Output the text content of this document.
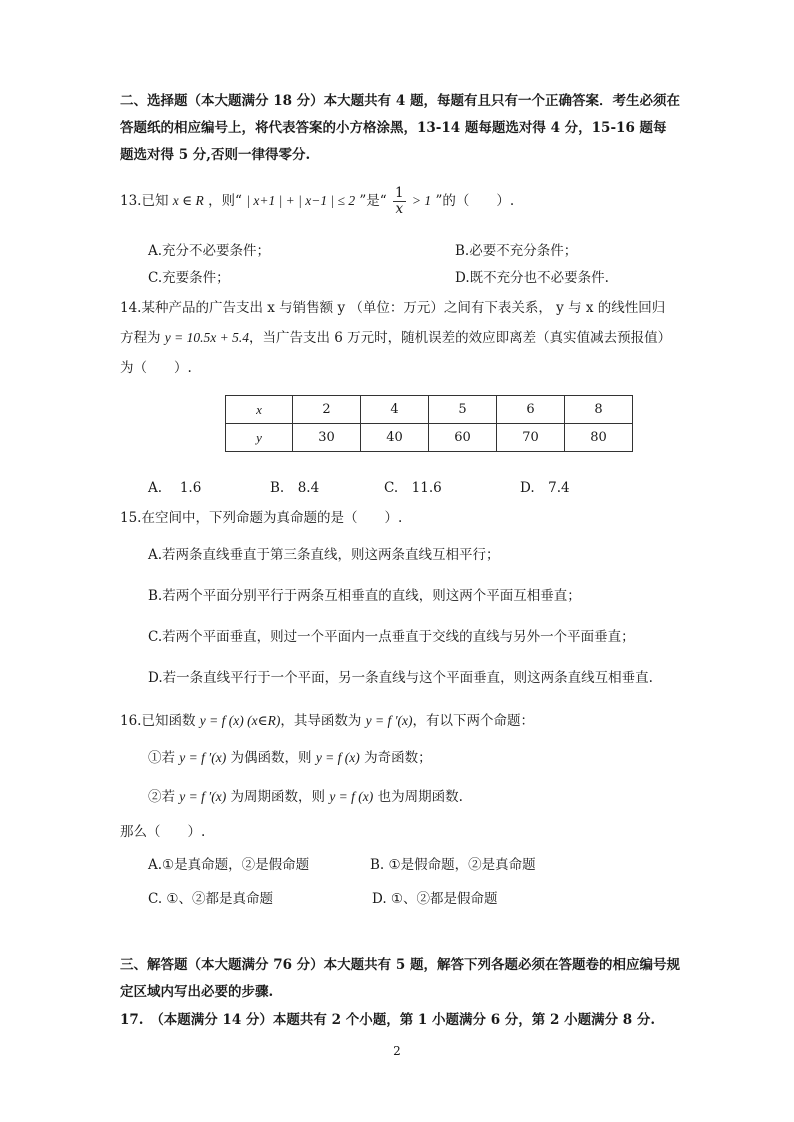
二、选择题（本大题满分 18 分）本大题共有 4 题，每题有且只有一个正确答案．考生必须在答题纸的相应编号上，将代表答案的小方格涂黑，13-14 题每题选对得 4 分，15-16 题每题选对得 5 分,否则一律得零分.
13.已知 x ∈ R ，则“ | x+1 | + | x−1 | ≤ 2 ”是“ $\frac{1}{x} > 1$ ”的（　　）.
A.充分不必要条件；	B.必要不充分条件；
C.充要条件；	D.既不充分也不必要条件.
14.某种产品的广告支出 x 与销售额 y （单位：万元）之间有下表关系， y 与 x 的线性回归
方程为 y = 10.5x + 5.4，当广告支出 6 万元时，随机误差的效应即离差（真实值减去预报值）
为（　　）.
x	2	4	5	6	8
y	30	40	60	70	80
A.　 1.6	B.　8.4	C.　11.6	D.　7.4
15.在空间中，下列命题为真命题的是（　　）.
A.若两条直线垂直于第三条直线，则这两条直线互相平行；
B.若两个平面分别平行于两条互相垂直的直线，则这两个平面互相垂直；
C.若两个平面垂直，则过一个平面内一点垂直于交线的直线与另外一个平面垂直；
D.若一条直线平行于一个平面，另一条直线与这个平面垂直，则这两条直线互相垂直.
16.已知函数 y = f (x) (x∈R)，其导函数为 y = f ′(x)，有以下两个命题：
①若 y = f ′(x) 为偶函数，则 y = f (x) 为奇函数；
②若 y = f ′(x) 为周期函数，则 y = f (x) 也为周期函数.
那么（　　）.
A.①是真命题，②是假命题	B. ①是假命题，②是真命题
C. ①、②都是真命题	D. ①、②都是假命题
三、解答题（本大题满分 76 分）本大题共有 5 题，解答下列各题必须在答题卷的相应编号规定区域内写出必要的步骤.
17.　（本题满分 14 分）本题共有 2 个小题，第 1 小题满分 6 分，第 2 小题满分 8 分.
2
